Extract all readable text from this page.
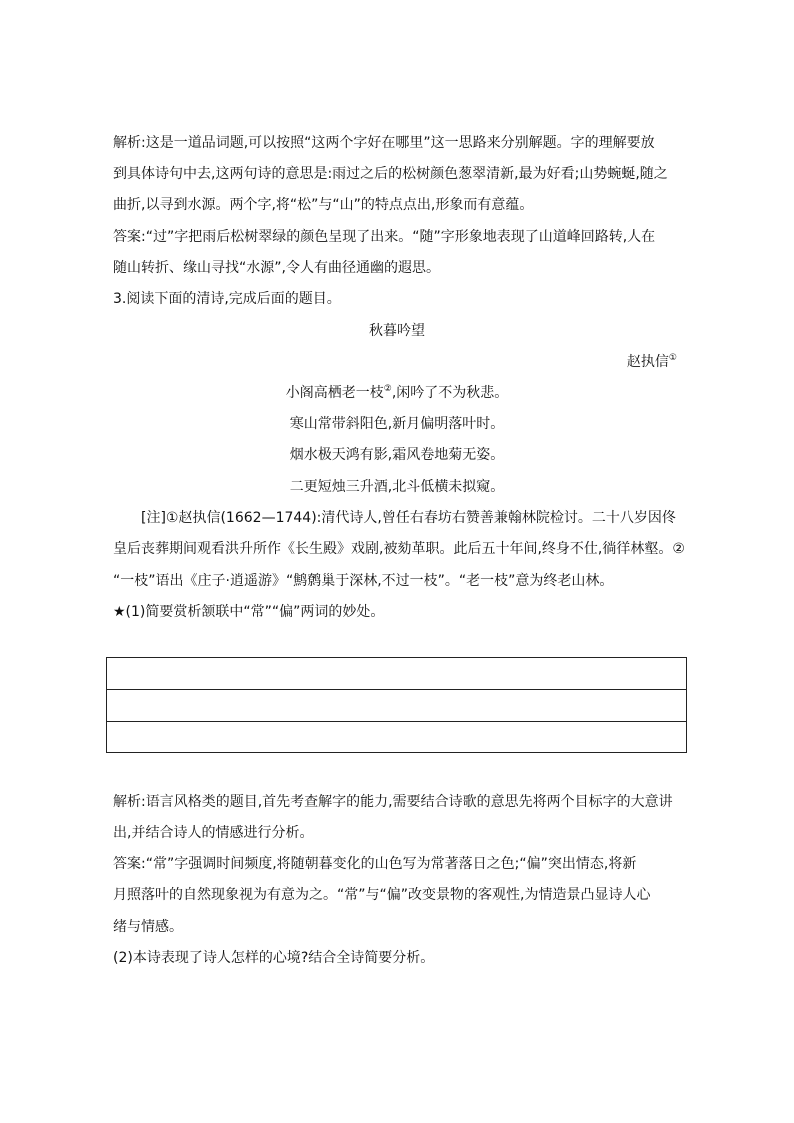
解析:这是一道品词题,可以按照“这两个字好在哪里”这一思路来分别解题。字的理解要放
到具体诗句中去,这两句诗的意思是:雨过之后的松树颜色葱翠清新,最为好看;山势蜿蜒,随之
曲折,以寻到水源。两个字,将“松”与“山”的特点点出,形象而有意蕴。
答案:“过”字把雨后松树翠绿的颜色呈现了出来。“随”字形象地表现了山道峰回路转,人在
随山转折、缘山寻找“水源”,令人有曲径通幽的遐思。
3.阅读下面的清诗,完成后面的题目。
秋暮吟望
赵执信①
小阁高栖老一枝②,闲吟了不为秋悲。
寒山常带斜阳色,新月偏明落叶时。
烟水极天鸿有影,霜风卷地菊无姿。
二更短烛三升酒,北斗低横未拟窥。
[注]①赵执信(1662—1744):清代诗人,曾任右春坊右赞善兼翰林院检讨。二十八岁因佟
皇后丧葬期间观看洪升所作《长生殿》戏剧,被劾革职。此后五十年间,终身不仕,徜徉林壑。②
“一枝”语出《庄子·逍遥游》“鹪鹩巢于深林,不过一枝”。“老一枝”意为终老山林。
★(1)简要赏析颔联中“常”“偏”两词的妙处。
解析:语言风格类的题目,首先考查解字的能力,需要结合诗歌的意思先将两个目标字的大意讲
出,并结合诗人的情感进行分析。
答案:“常”字强调时间频度,将随朝暮变化的山色写为常著落日之色;“偏”突出情态,将新
月照落叶的自然现象视为有意为之。“常”与“偏”改变景物的客观性,为情造景凸显诗人心
绪与情感。
(2)本诗表现了诗人怎样的心境?结合全诗简要分析。
